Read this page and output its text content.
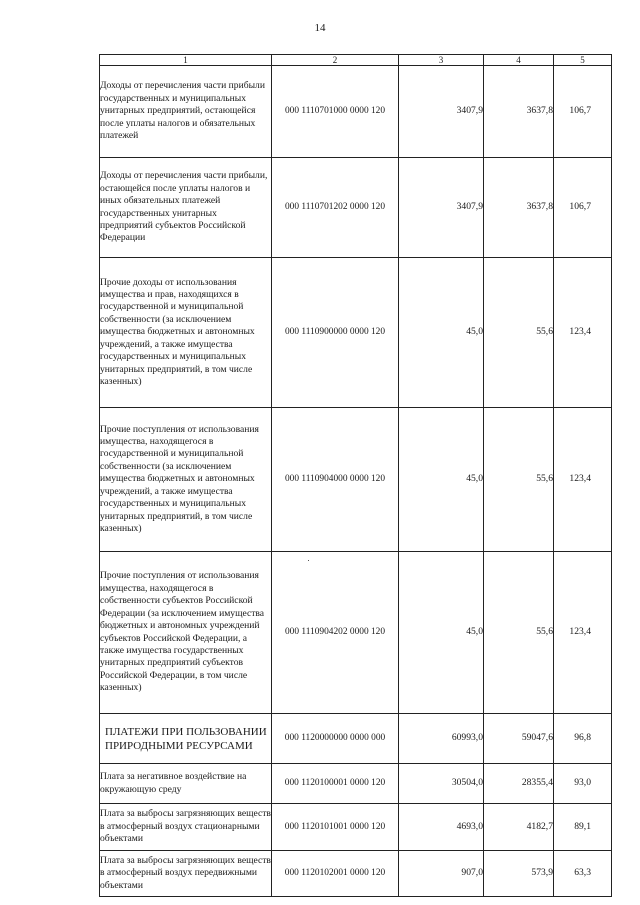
14
1	2	3	4	5

Доходы от перечисления части прибыли государственных и муниципальных унитарных предприятий, остающейся после уплаты налогов и обязательных платежей	000 1110701000 0000 120	3407,9	3637,8	106,7

Доходы от перечисления части прибыли, остающейся после уплаты налогов и иных обязательных платежей государственных унитарных предприятий субъектов Российской Федерации	000 1110701202 0000 120	3407,9	3637,8	106,7

Прочие доходы от использования имущества и прав, находящихся в государственной и муниципальной собственности (за исключением имущества бюджетных и автономных учреждений, а также имущества государственных и муниципальных унитарных предприятий, в том числе казенных)	000 1110900000 0000 120	45,0	55,6	123,4

Прочие поступления от использования имущества, находящегося в государственной и муниципальной собственности (за исключением имущества бюджетных и автономных учреждений, а также имущества государственных и муниципальных унитарных предприятий, в том числе казенных)	000 1110904000 0000 120	45,0	55,6	123,4

Прочие поступления от использования имущества, находящегося в собственности субъектов Российской Федерации (за исключением имущества бюджетных и автономных учреждений субъектов Российской Федерации, а также имущества государственных унитарных предприятий субъектов Российской Федерации, в том числе казенных)	000 1110904202 0000 120	45,0	55,6	123,4

ПЛАТЕЖИ ПРИ ПОЛЬЗОВАНИИ ПРИРОДНЫМИ РЕСУРСАМИ	000 1120000000 0000 000	60993,0	59047,6	96,8

Плата за негативное воздействие на окружающую среду	000 1120100001 0000 120	30504,0	28355,4	93,0

Плата за выбросы загрязняющих веществ в атмосферный воздух стационарными объектами	000 1120101001 0000 120	4693,0	4182,7	89,1

Плата за выбросы загрязняющих веществ в атмосферный воздух передвижными объектами	000 1120102001 0000 120	907,0	573,9	63,3
